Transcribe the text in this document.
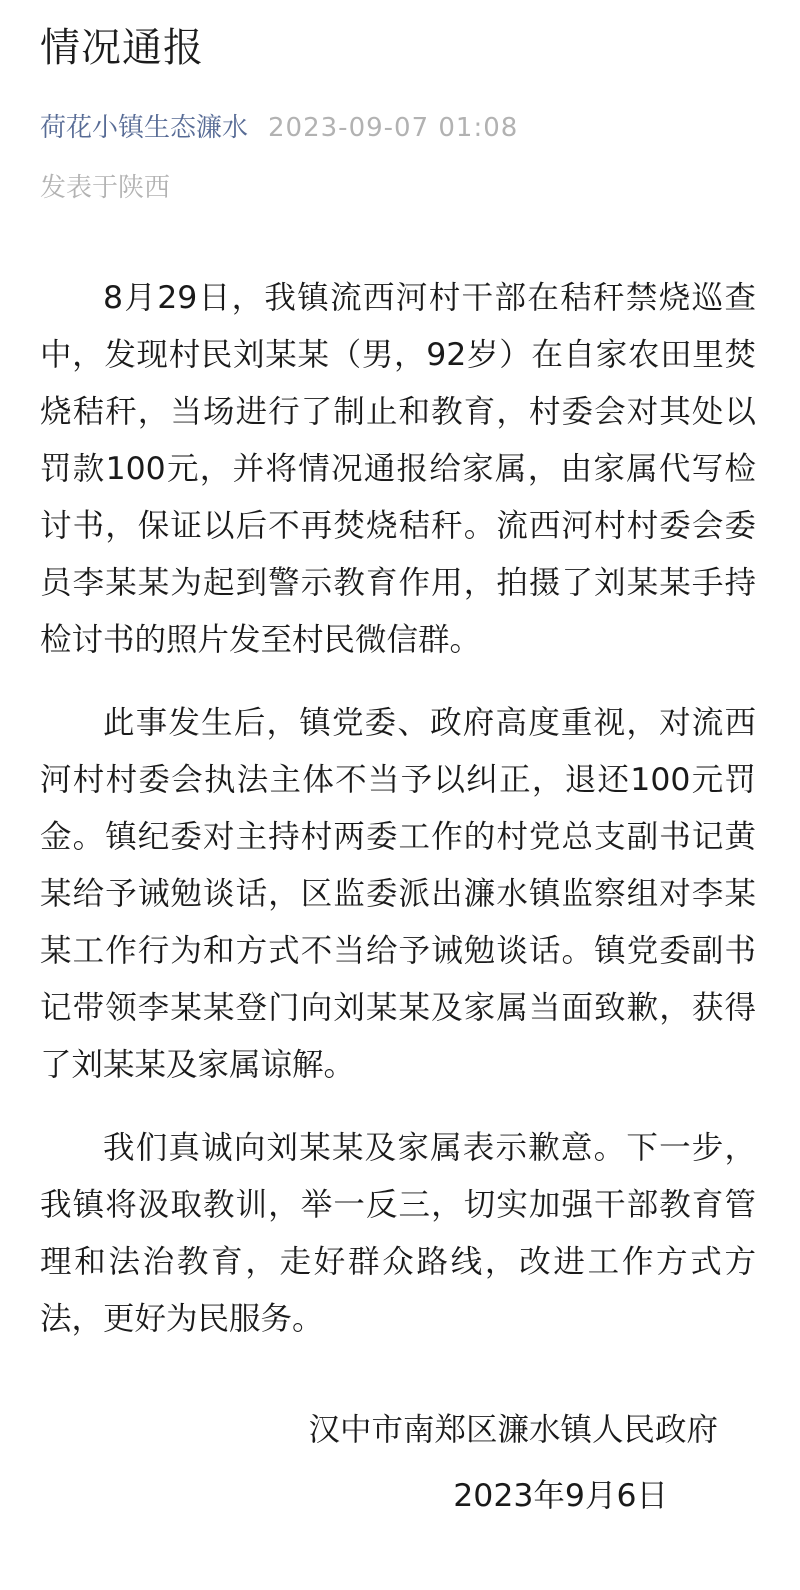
情况通报
荷花小镇生态濂水 2023-09-07 01:08
发表于陕西

8月29日，我镇流西河村干部在秸秆禁烧巡查中，发现村民刘某某（男，92岁）在自家农田里焚烧秸秆，当场进行了制止和教育，村委会对其处以罚款100元，并将情况通报给家属，由家属代写检讨书，保证以后不再焚烧秸秆。流西河村村委会委员李某某为起到警示教育作用，拍摄了刘某某手持检讨书的照片发至村民微信群。

此事发生后，镇党委、政府高度重视，对流西河村村委会执法主体不当予以纠正，退还100元罚金。镇纪委对主持村两委工作的村党总支副书记黄某给予诫勉谈话，区监委派出濂水镇监察组对李某某工作行为和方式不当给予诫勉谈话。镇党委副书记带领李某某登门向刘某某及家属当面致歉，获得了刘某某及家属谅解。

我们真诚向刘某某及家属表示歉意。下一步，我镇将汲取教训，举一反三，切实加强干部教育管理和法治教育，走好群众路线，改进工作方式方法，更好为民服务。

汉中市南郑区濂水镇人民政府
2023年9月6日
